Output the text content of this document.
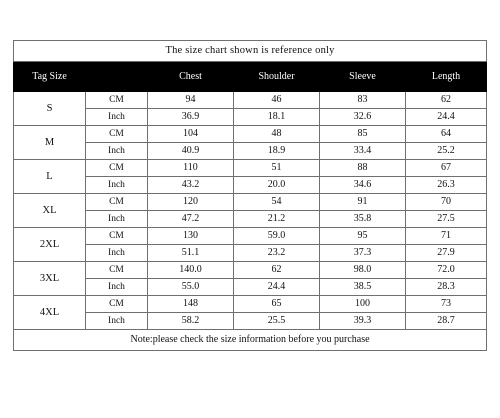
The size chart shown is reference only					
Tag Size		Chest	Shoulder	Sleeve	Length
S	CM	94	46	83	62
	Inch	36.9	18.1	32.6	24.4
M	CM	104	48	85	64
	Inch	40.9	18.9	33.4	25.2
L	CM	110	51	88	67
	Inch	43.2	20.0	34.6	26.3
XL	CM	120	54	91	70
	Inch	47.2	21.2	35.8	27.5
2XL	CM	130	59.0	95	71
	Inch	51.1	23.2	37.3	27.9
3XL	CM	140.0	62	98.0	72.0
	Inch	55.0	24.4	38.5	28.3
4XL	CM	148	65	100	73
	Inch	58.2	25.5	39.3	28.7
Note:please check the size information before you purchase					
